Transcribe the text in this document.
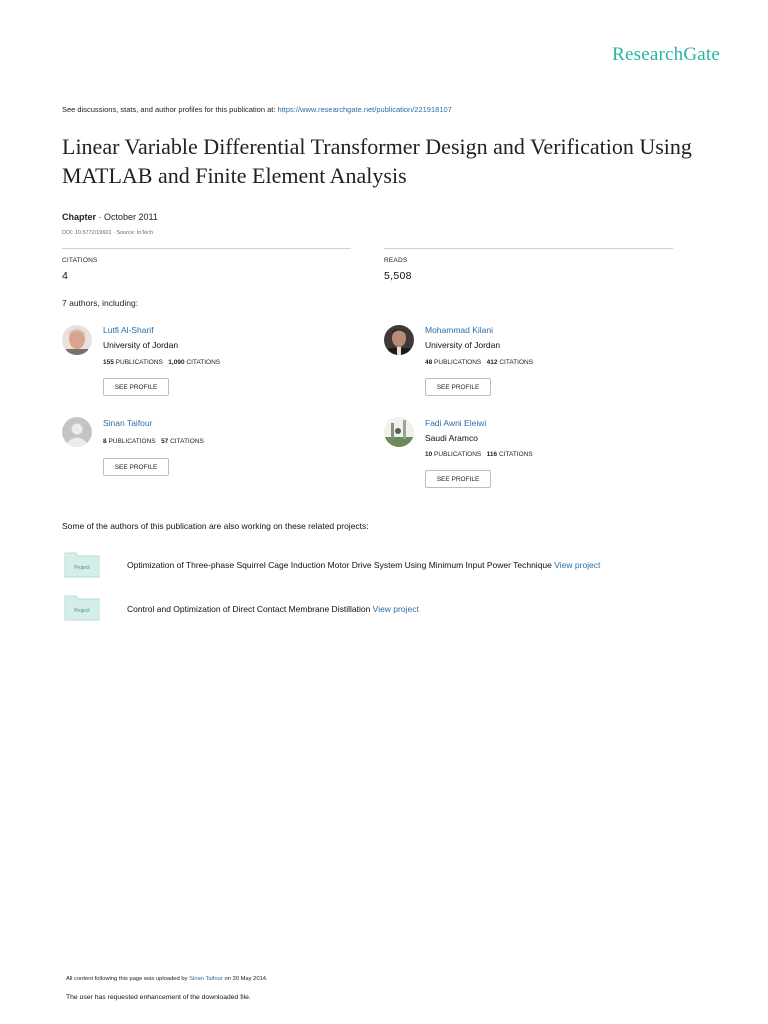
ResearchGate
See discussions, stats, and author profiles for this publication at: https://www.researchgate.net/publication/221918107
Linear Variable Differential Transformer Design and Verification Using MATLAB and Finite Element Analysis
Chapter · October 2011
DOI: 10.5772/19601 · Source: InTech
CITATIONS
4
READS
5,508
7 authors, including:
Lutfi Al-Sharif
University of Jordan
155 PUBLICATIONS 1,090 CITATIONS
SEE PROFILE
Mohammad Kilani
University of Jordan
48 PUBLICATIONS 412 CITATIONS
SEE PROFILE
Sinan Taifour
8 PUBLICATIONS 57 CITATIONS
SEE PROFILE
Fadi Awni Eleiwi
Saudi Aramco
10 PUBLICATIONS 116 CITATIONS
SEE PROFILE
Some of the authors of this publication are also working on these related projects:
Project	Optimization of Three-phase Squirrel Cage Induction Motor Drive System Using Minimum Input Power Technique View project
Project	Control and Optimization of Direct Contact Membrane Distillation View project
All content following this page was uploaded by Sinan Taifour on 30 May 2014.
The user has requested enhancement of the downloaded file.
